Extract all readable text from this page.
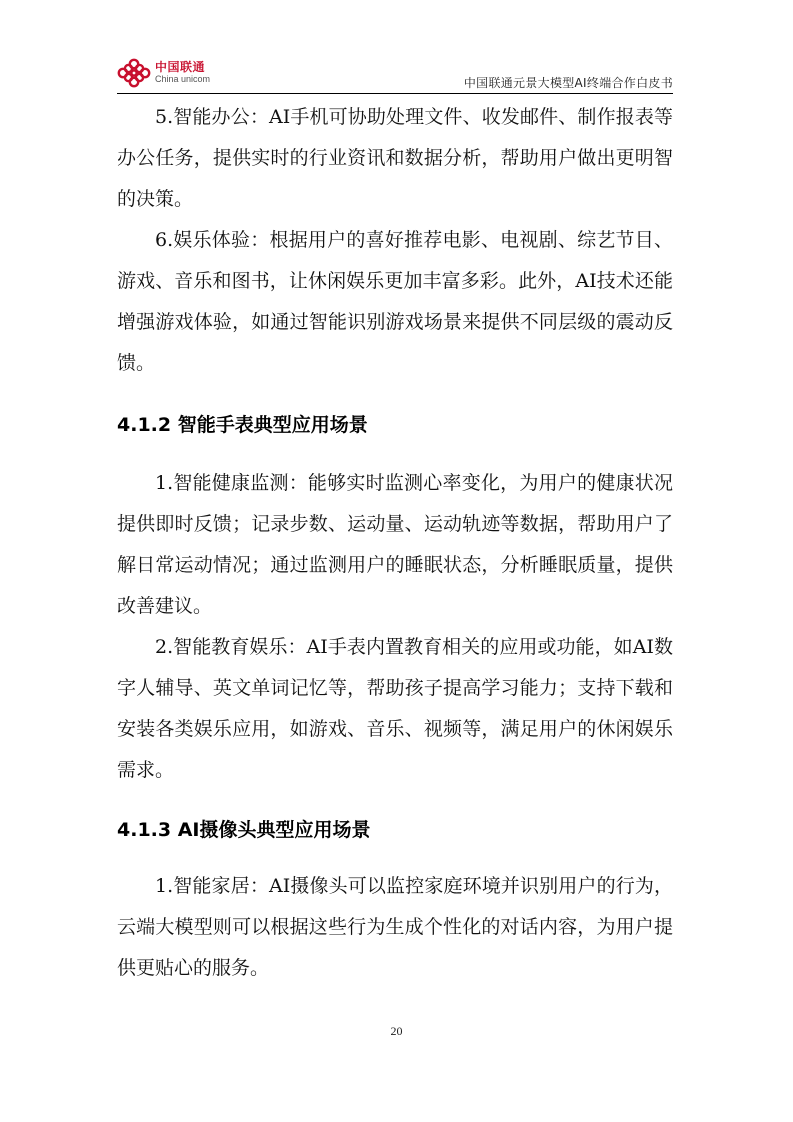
中国联通
China unicom	中国联通元景大模型AI终端合作白皮书

5.智能办公：AI手机可协助处理文件、收发邮件、制作报表等办公任务，提供实时的行业资讯和数据分析，帮助用户做出更明智的决策。

6.娱乐体验：根据用户的喜好推荐电影、电视剧、综艺节目、游戏、音乐和图书，让休闲娱乐更加丰富多彩。此外，AI技术还能增强游戏体验，如通过智能识别游戏场景来提供不同层级的震动反馈。

4.1.2 智能手表典型应用场景

1.智能健康监测：能够实时监测心率变化，为用户的健康状况提供即时反馈；记录步数、运动量、运动轨迹等数据，帮助用户了解日常运动情况；通过监测用户的睡眠状态，分析睡眠质量，提供改善建议。

2.智能教育娱乐：AI手表内置教育相关的应用或功能，如AI数字人辅导、英文单词记忆等，帮助孩子提高学习能力；支持下载和安装各类娱乐应用，如游戏、音乐、视频等，满足用户的休闲娱乐需求。

4.1.3 AI摄像头典型应用场景

1.智能家居：AI摄像头可以监控家庭环境并识别用户的行为，云端大模型则可以根据这些行为生成个性化的对话内容，为用户提供更贴心的服务。

20
